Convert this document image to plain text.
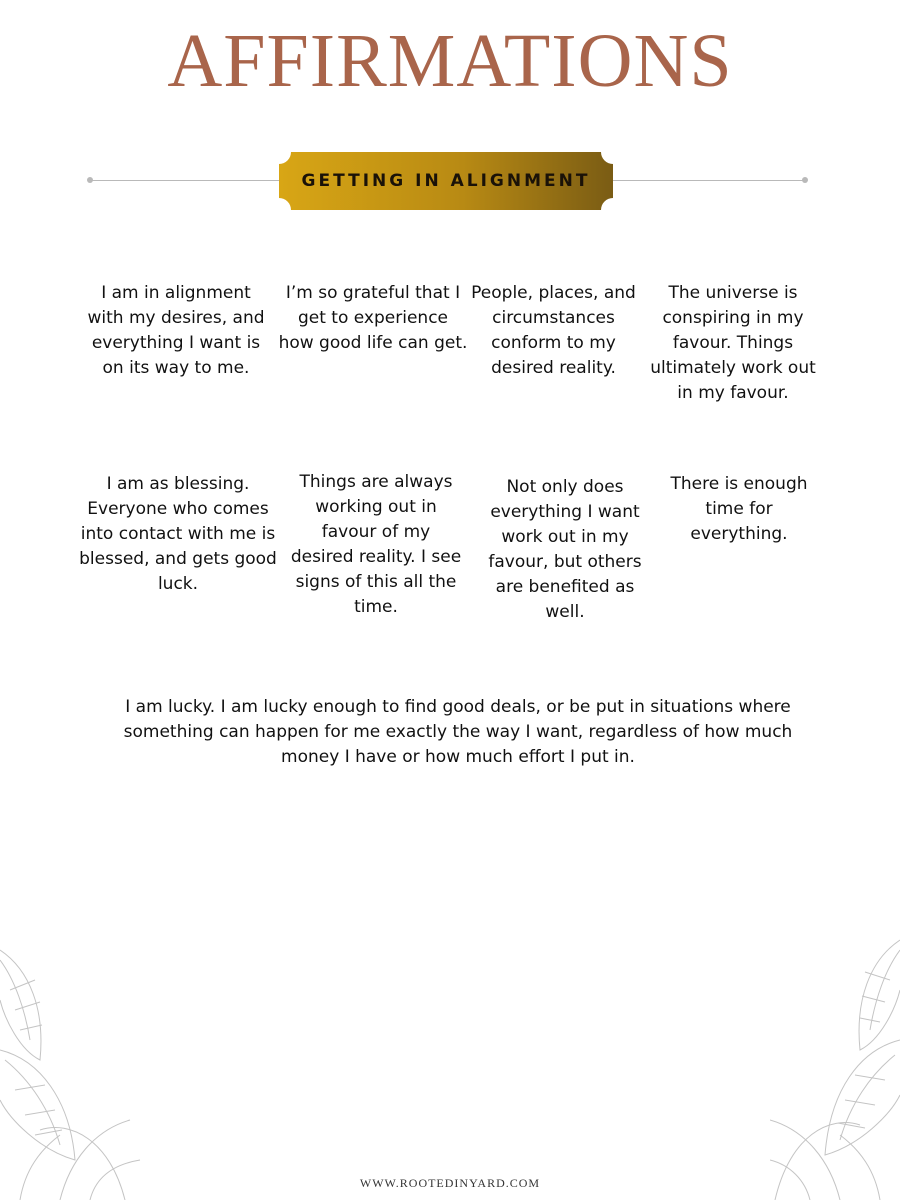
AFFIRMATIONS
GETTING IN ALIGNMENT
I am in alignment with my desires, and everything I want is on its way to me.
I’m so grateful that I get to experience how good life can get.
People, places, and circumstances conform to my desired reality.
The universe is conspiring in my favour. Things ultimately work out in my favour.
I am as blessing. Everyone who comes into contact with me is blessed, and gets good luck.
Things are always working out in favour of my desired reality. I see signs of this all the time.
Not only does everything I want work out in my favour, but others are benefited as well.
There is enough time for everything.
I am lucky. I am lucky enough to find good deals, or be put in situations where something can happen for me exactly the way I want, regardless of how much money I have or how much effort I put in.
WWW.ROOTEDINYARD.COM
